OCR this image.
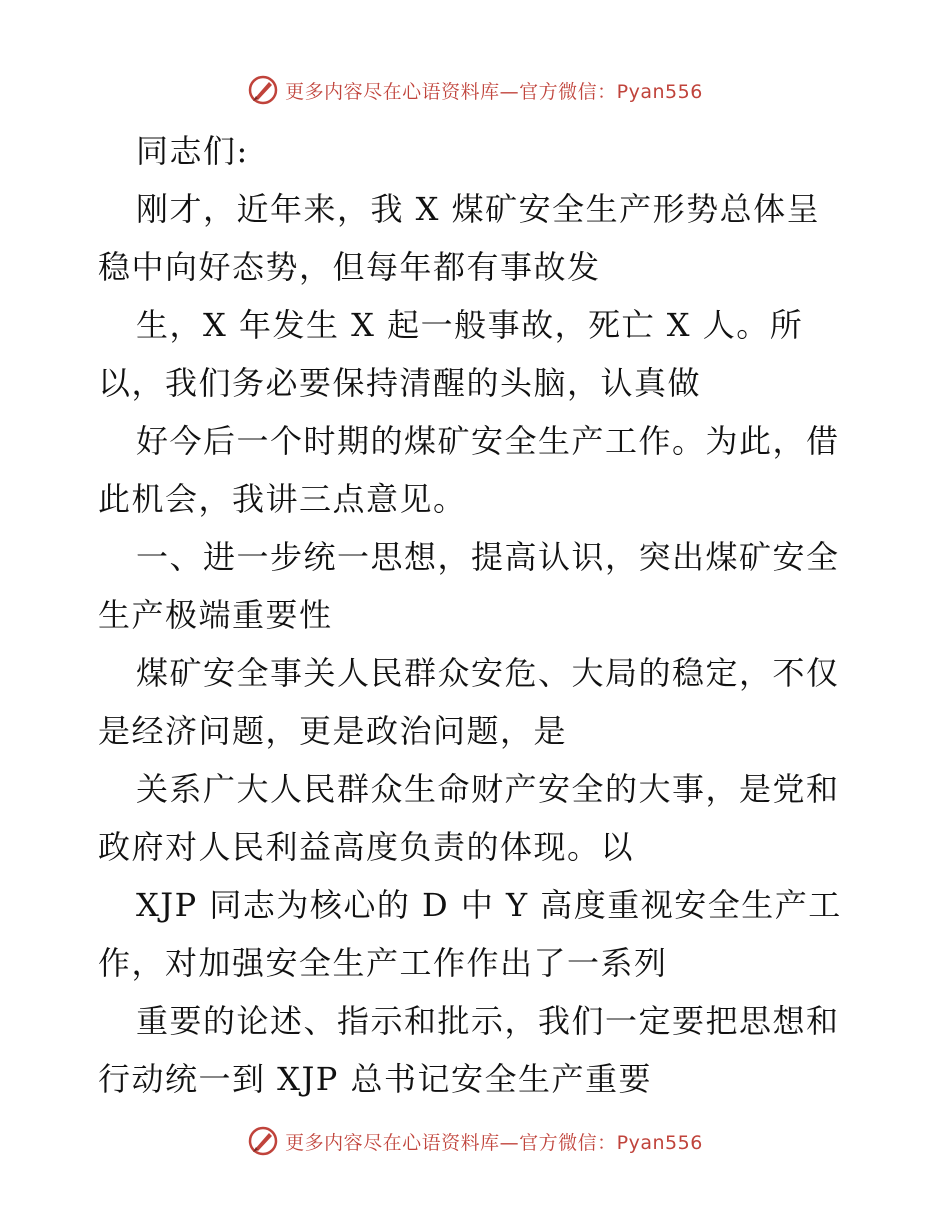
更多内容尽在心语资料库—官方微信：Pyan556
同志们:
刚才，近年来，我 X 煤矿安全生产形势总体呈
稳中向好态势，但每年都有事故发
生，X 年发生 X 起一般事故，死亡 X 人。所
以，我们务必要保持清醒的头脑，认真做
好今后一个时期的煤矿安全生产工作。为此，借
此机会，我讲三点意见。
一、进一步统一思想，提高认识，突出煤矿安全
生产极端重要性
煤矿安全事关人民群众安危、大局的稳定，不仅
是经济问题，更是政治问题，是
关系广大人民群众生命财产安全的大事，是党和
政府对人民利益高度负责的体现。以
XJP 同志为核心的 D 中 Y 高度重视安全生产工
作，对加强安全生产工作作出了一系列
重要的论述、指示和批示，我们一定要把思想和
行动统一到 XJP 总书记安全生产重要
更多内容尽在心语资料库—官方微信：Pyan556
